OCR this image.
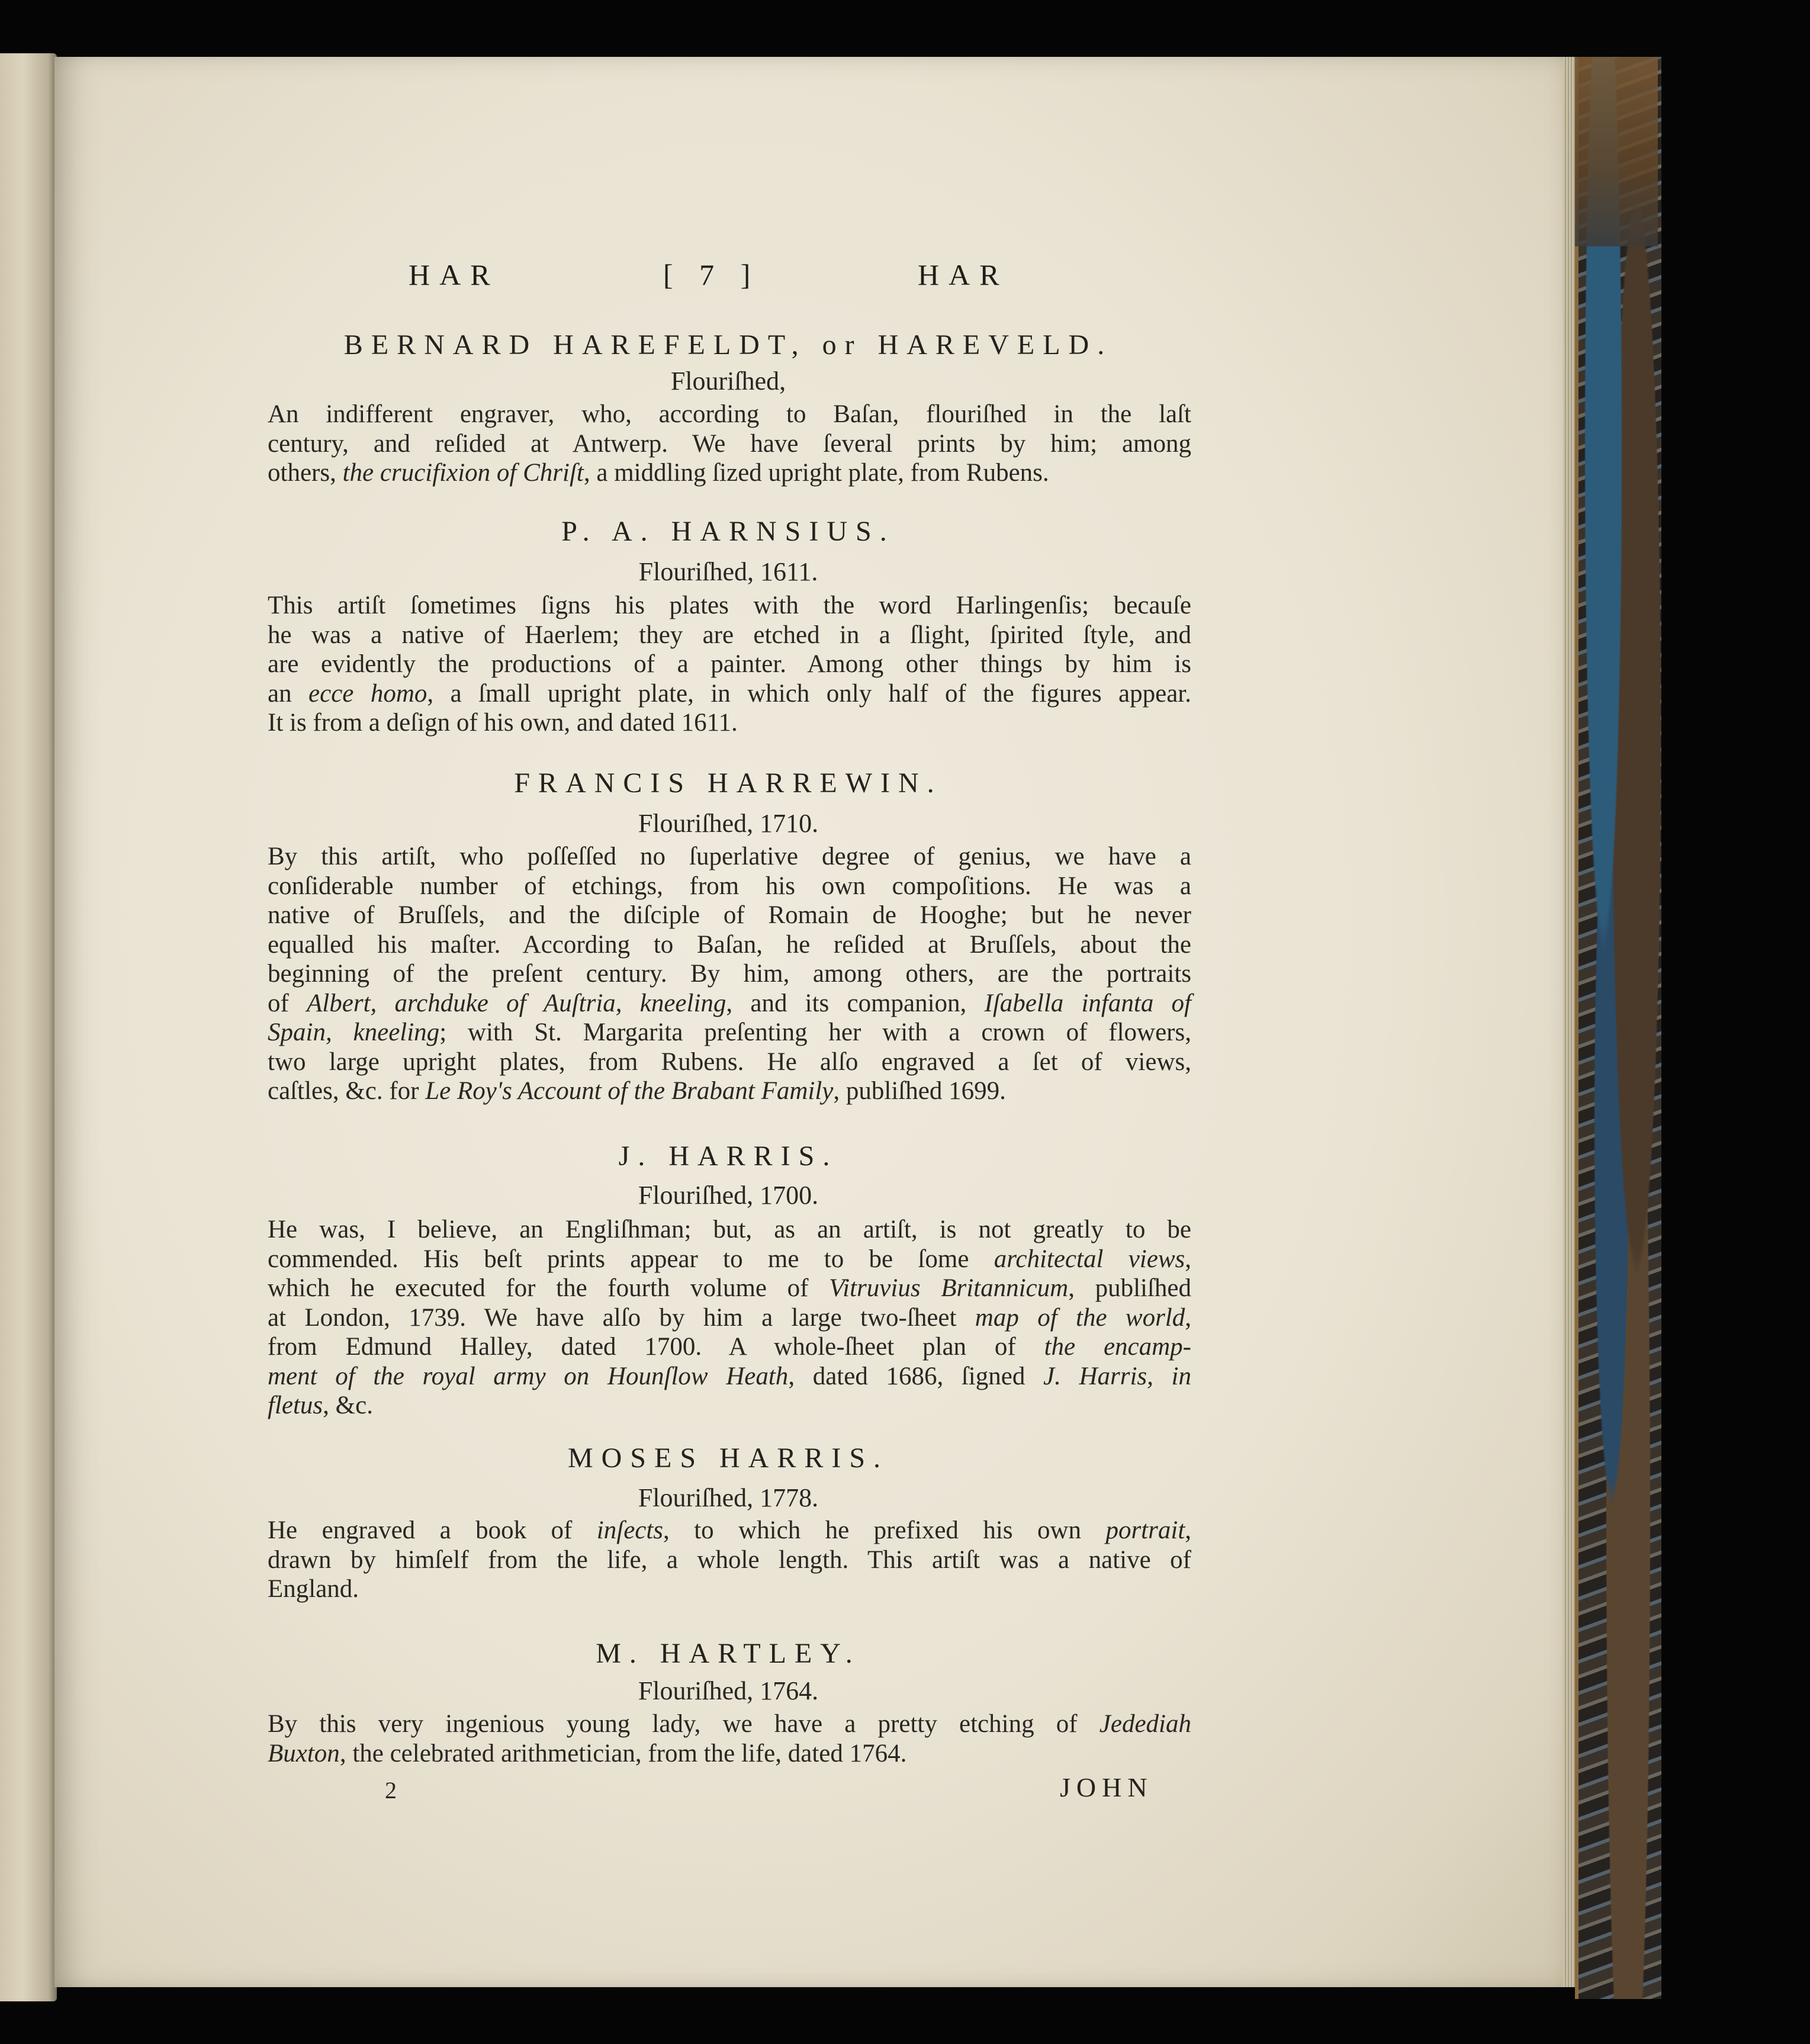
HAR	[ 7 ]	HAR
BERNARD HAREFELDT, or HAREVELD.
Flouriſhed,
An indifferent engraver, who, according to Baſan, flouriſhed in the laſt
century, and reſided at Antwerp. We have ſeveral prints by him; among
others, the crucifixion of Chriſt, a middling ſized upright plate, from Rubens.
P. A. HARNSIUS.
Flouriſhed, 1611.
This artiſt ſometimes ſigns his plates with the word Harlingenſis; becauſe
he was a native of Haerlem; they are etched in a ſlight, ſpirited ſtyle, and
are evidently the productions of a painter. Among other things by him is
an ecce homo, a ſmall upright plate, in which only half of the figures appear.
It is from a deſign of his own, and dated 1611.
FRANCIS HARREWIN.
Flouriſhed, 1710.
By this artiſt, who poſſeſſed no ſuperlative degree of genius, we have a
conſiderable number of etchings, from his own compoſitions. He was a
native of Bruſſels, and the diſciple of Romain de Hooghe; but he never
equalled his maſter. According to Baſan, he reſided at Bruſſels, about the
beginning of the preſent century. By him, among others, are the portraits
of Albert, archduke of Auſtria, kneeling, and its companion, Iſabella infanta of
Spain, kneeling; with St. Margarita preſenting her with a crown of flowers,
two large upright plates, from Rubens. He alſo engraved a ſet of views,
caſtles, &c. for Le Roy's Account of the Brabant Family, publiſhed 1699.
J. HARRIS.
Flouriſhed, 1700.
He was, I believe, an Engliſhman; but, as an artiſt, is not greatly to be
commended. His beſt prints appear to me to be ſome architectal views,
which he executed for the fourth volume of Vitruvius Britannicum, publiſhed
at London, 1739. We have alſo by him a large two-ſheet map of the world,
from Edmund Halley, dated 1700. A whole-ſheet plan of the encamp-
ment of the royal army on Hounſlow Heath, dated 1686, ſigned J. Harris, in
fletus, &c.
MOSES HARRIS.
Flouriſhed, 1778.
He engraved a book of inſects, to which he prefixed his own portrait,
drawn by himſelf from the life, a whole length. This artiſt was a native of
England.
M. HARTLEY.
Flouriſhed, 1764.
By this very ingenious young lady, we have a pretty etching of Jedediah
Buxton, the celebrated arithmetician, from the life, dated 1764.
2	JOHN
